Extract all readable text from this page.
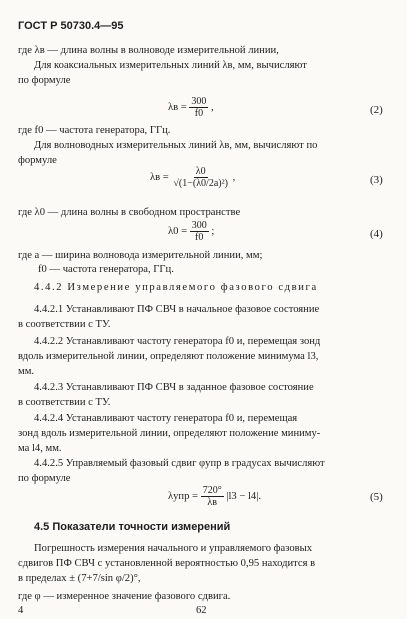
ГОСТ Р 50730.4—95
где λв — длина волны в волноводе измерительной линии,
Для коаксиальных измерительных линий λв, мм, вычисляют
по формуле
$\lambda в = \frac{300}{f0}$ ,	(2)
где f0 — частота генератора, ГГц.
Для волноводных измерительных линий λв, мм, вычисляют по
формуле
$\lambda в = \frac{\lambda 0}{\text{√(1−(λ0/2a)²)}}$ ,	(3)
где λ0 — длина волны в свободном пространстве
$\lambda 0 = \frac{300}{f0}$ ;	(4)
где a — ширина волновода измерительной линии, мм;
f0 — частота генератора, ГГц.
4.4.2 Измерение управляемого фазового сдвига
4.4.2.1 Устанавливают ПФ СВЧ в начальное фазовое состояние
в соответствии с ТУ.
4.4.2.2 Устанавливают частоту генератора f0 и, перемещая зонд
вдоль измерительной линии, определяют положение минимума l3,
мм.
4.4.2.3 Устанавливают ПФ СВЧ в заданное фазовое состояние
в соответствии с ТУ.
4.4.2.4 Устанавливают частоту генератора f0 и, перемещая
зонд вдоль измерительной линии, определяют положение миниму-
ма l4, мм.
4.4.2.5 Управляемый фазовый сдвиг φупр в градусах вычисляют
по формуле
$\lambda упр = \frac{720^\circ}{\lambda в} |l3 - l4|$.	(5)
4.5 Показатели точности измерений
Погрешность измерения начального и управляемого фазовых
сдвигов ПФ СВЧ с установленной вероятностью 0,95 находится в
в пределах ± (7+7/sin φ/2)°,
где φ — измеренное значение фазового сдвига.
4	62
